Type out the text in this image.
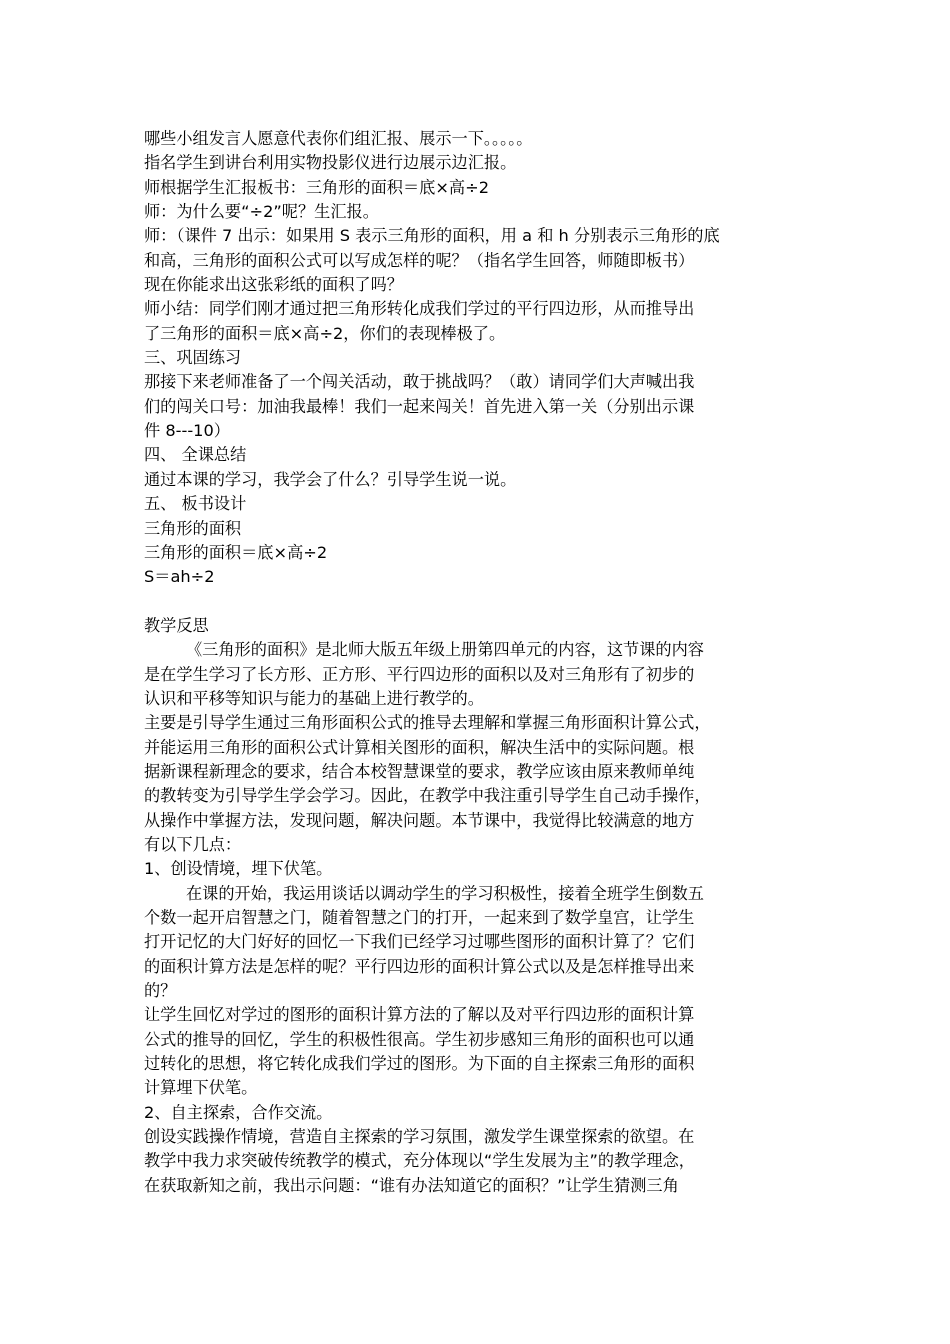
哪些小组发言人愿意代表你们组汇报、展示一下。。。。。

指名学生到讲台利用实物投影仪进行边展示边汇报。

师根据学生汇报板书：三角形的面积＝底×高÷2

师：为什么要“÷2”呢？生汇报。

师：（课件 7 出示：如果用 S 表示三角形的面积，用 a 和 h 分别表示三角形的底

和高，三角形的面积公式可以写成怎样的呢？（指名学生回答，师随即板书）

现在你能求出这张彩纸的面积了吗？

师小结：同学们刚才通过把三角形转化成我们学过的平行四边形，从而推导出

了三角形的面积＝底×高÷2，你们的表现棒极了。

三、巩固练习

那接下来老师准备了一个闯关活动，敢于挑战吗？（敢）请同学们大声喊出我

们的闯关口号：加油我最棒！我们一起来闯关！首先进入第一关（分别出示课

件 8---10）

四、 全课总结

通过本课的学习，我学会了什么？引导学生说一说。

五、 板书设计

三角形的面积

三角形的面积＝底×高÷2

S＝ah÷2

教学反思

《三角形的面积》是北师大版五年级上册第四单元的内容，这节课的内容

是在学生学习了长方形、正方形、平行四边形的面积以及对三角形有了初步的

认识和平移等知识与能力的基础上进行教学的。

主要是引导学生通过三角形面积公式的推导去理解和掌握三角形面积计算公式，

并能运用三角形的面积公式计算相关图形的面积，解决生活中的实际问题。根

据新课程新理念的要求，结合本校智慧课堂的要求，教学应该由原来教师单纯

的教转变为引导学生学会学习。因此，在教学中我注重引导学生自己动手操作，

从操作中掌握方法，发现问题，解决问题。本节课中，我觉得比较满意的地方

有以下几点：

1、创设情境，埋下伏笔。

在课的开始，我运用谈话以调动学生的学习积极性，接着全班学生倒数五

个数一起开启智慧之门，随着智慧之门的打开，一起来到了数学皇宫，让学生

打开记忆的大门好好的回忆一下我们已经学习过哪些图形的面积计算了？它们

的面积计算方法是怎样的呢？平行四边形的面积计算公式以及是怎样推导出来

的？

让学生回忆对学过的图形的面积计算方法的了解以及对平行四边形的面积计算

公式的推导的回忆，学生的积极性很高。学生初步感知三角形的面积也可以通

过转化的思想，将它转化成我们学过的图形。为下面的自主探索三角形的面积

计算埋下伏笔。

2、自主探索，合作交流。

创设实践操作情境，营造自主探索的学习氛围，激发学生课堂探索的欲望。在

教学中我力求突破传统教学的模式，充分体现以“学生发展为主”的教学理念，

在获取新知之前，我出示问题：“谁有办法知道它的面积？”让学生猜测三角
